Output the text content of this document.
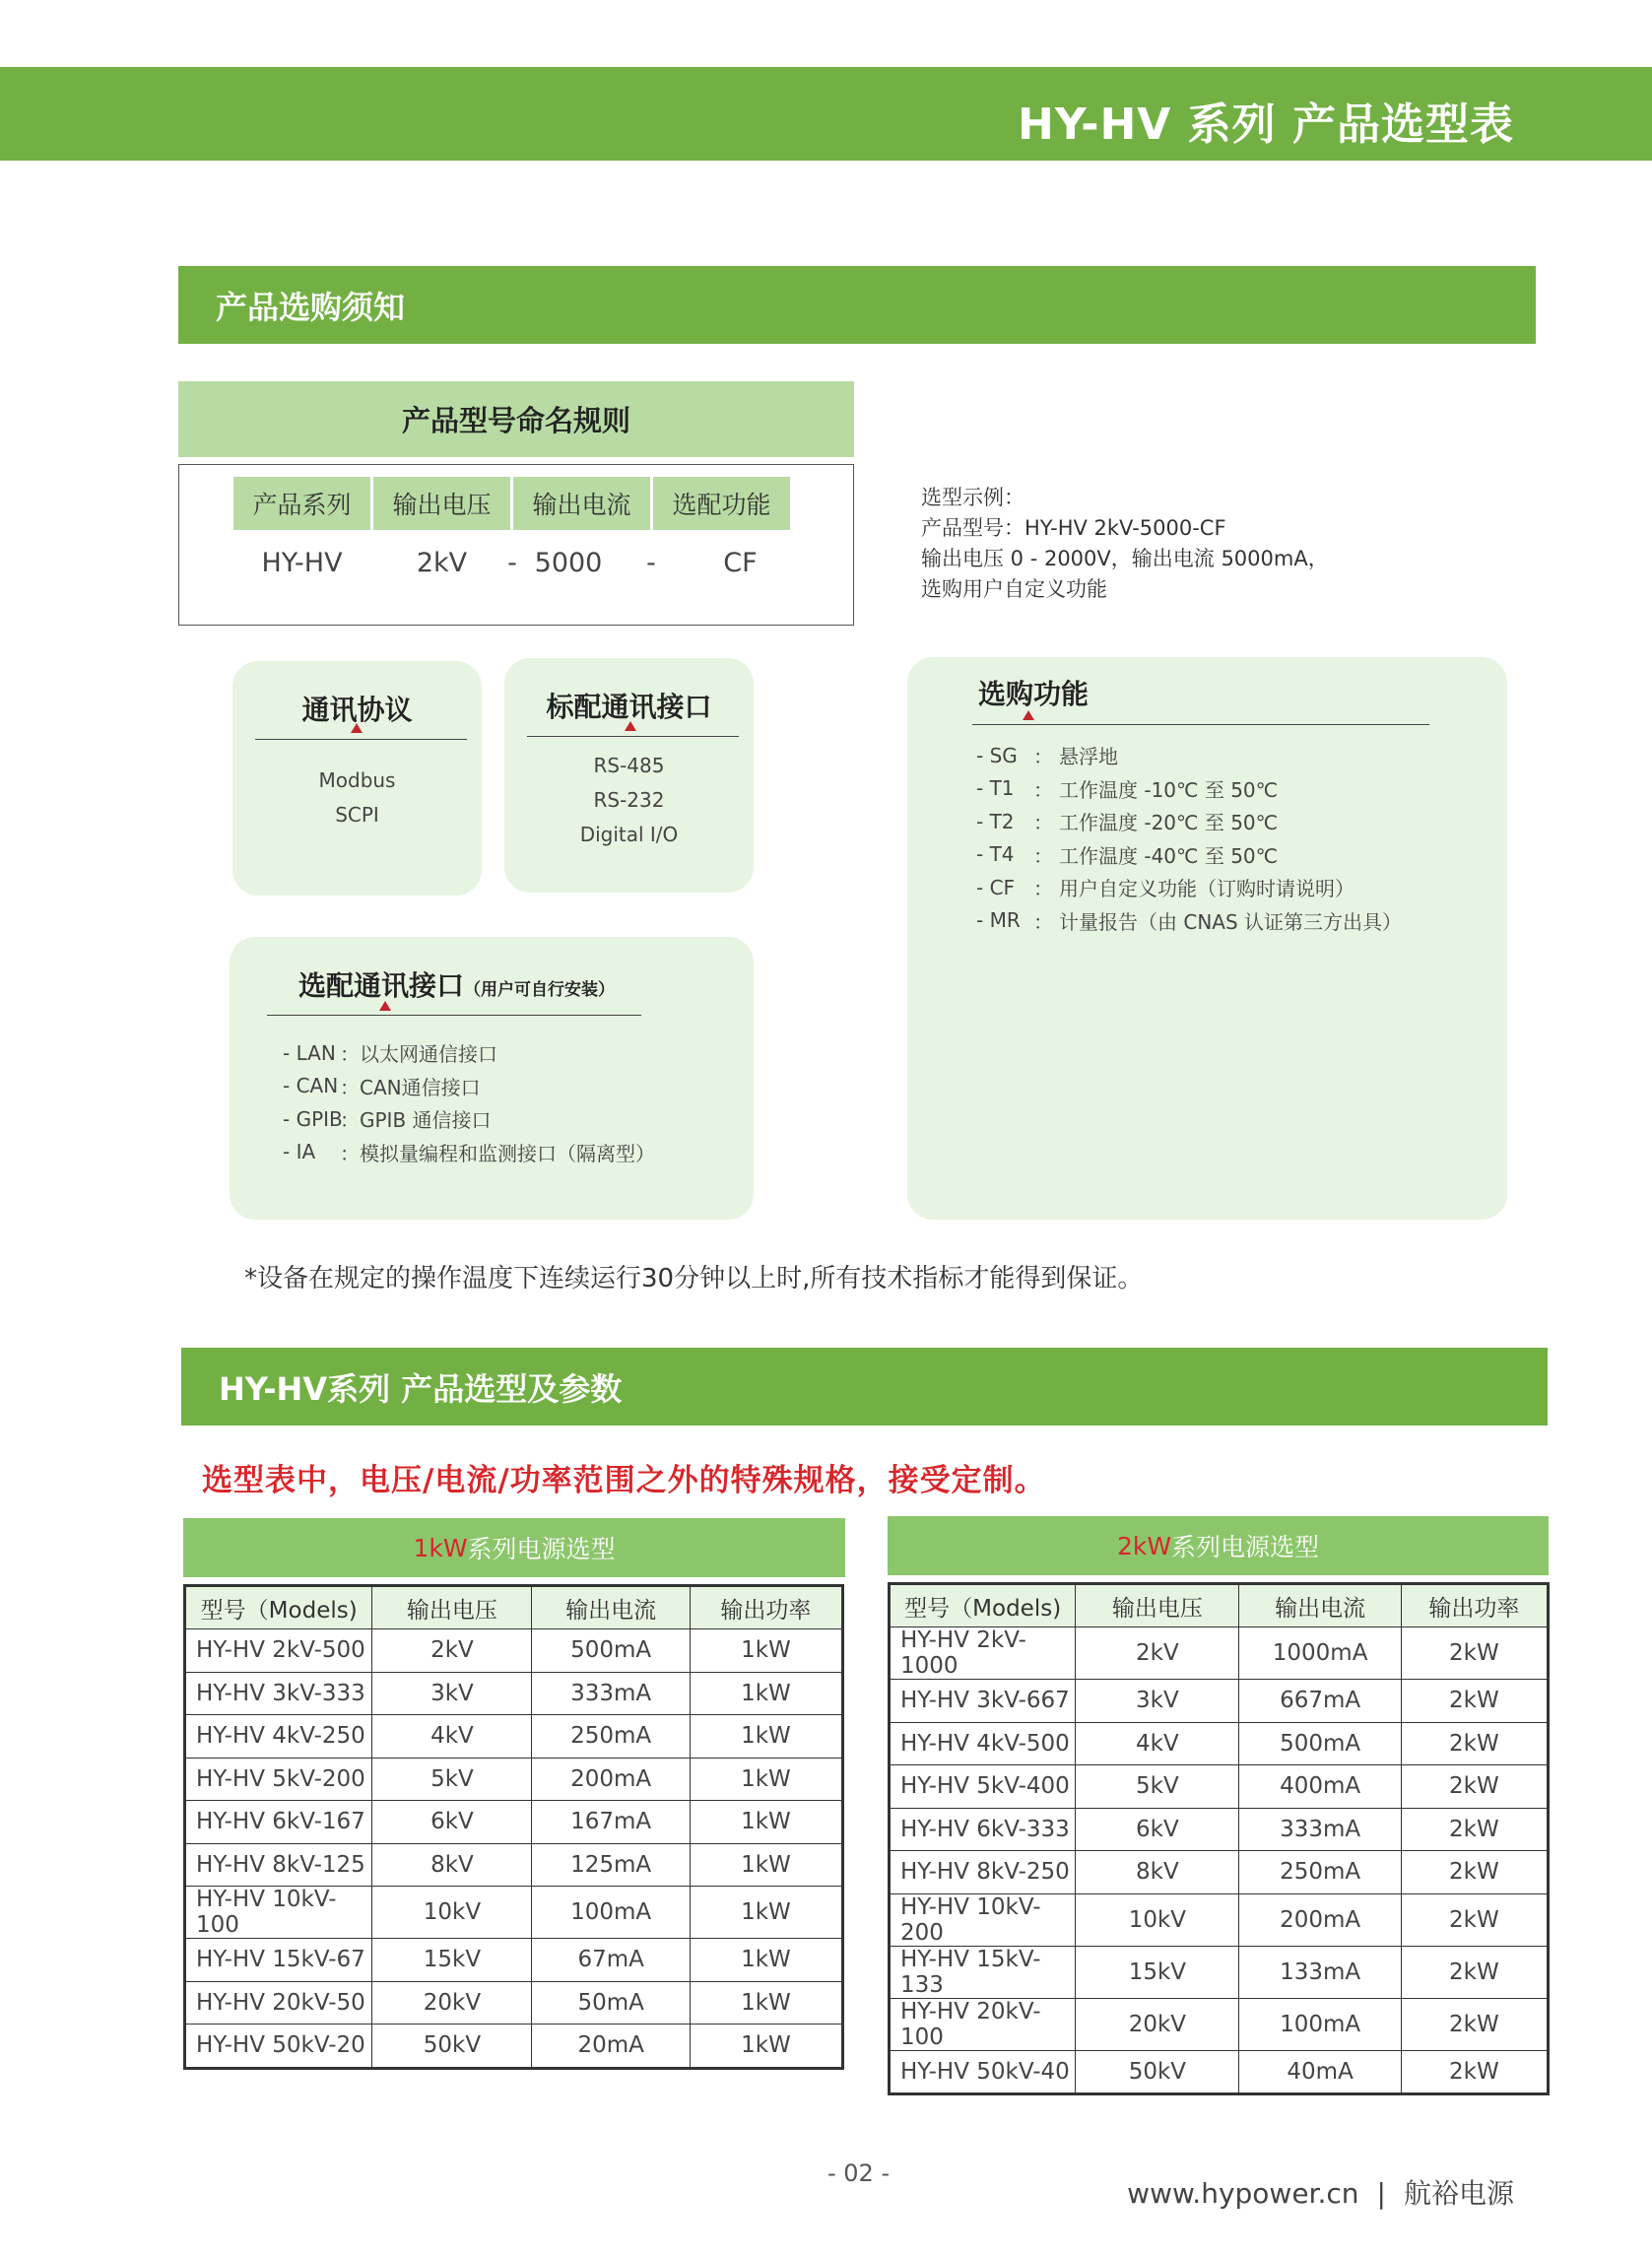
HY-HV 系列 产品选型表
产品选购须知
产品型号命名规则
产品系列	输出电压	输出电流	选配功能
HY-HV	2kV	- 5000	-	CF
选型示例：
产品型号：HY-HV 2kV-5000-CF
输出电压 0 - 2000V，输出电流 5000mA，
选购用户自定义功能
通讯协议
Modbus
SCPI
标配通讯接口
RS-485
RS-232
Digital I/O
选配通讯接口（用户可自行安装）
- LAN ： 以太网通信接口
- CAN ： CAN通信接口
- GPIB
： GPIB 通信接口
- IA	： 模拟量编程和监测接口（隔离型）
选购功能
- SG ： 悬浮地
- T1 ： 工作温度 -10℃ 至 50℃
- T2 ： 工作温度 -20℃ 至 50℃
- T4 ： 工作温度 -40℃ 至 50℃
- CF ： 用户自定义功能（订购时请说明）
- MR ： 计量报告（由 CNAS 认证第三方出具）
*设备在规定的操作温度下连续运行30分钟以上时,所有技术指标才能得到保证。
HY-HV系列 产品选型及参数
选型表中，电压/电流/功率范围之外的特殊规格，接受定制。
1kW 系列电源选型
型号（Models)	输出电压	输出电流	输出功率
HY-HV 2kV-500	2kV	500mA	1kW
HY-HV 3kV-333	3kV	333mA	1kW
HY-HV 4kV-250	4kV	250mA	1kW
HY-HV 5kV-200	5kV	200mA	1kW
HY-HV 6kV-167	6kV	167mA	1kW
HY-HV 8kV-125	8kV	125mA	1kW
HY-HV 10kV-100	10kV	100mA	1kW
HY-HV 15kV-67	15kV	67mA	1kW
HY-HV 20kV-50	20kV	50mA	1kW
HY-HV 50kV-20	50kV	20mA	1kW
2kW 系列电源选型
型号（Models)	输出电压	输出电流	输出功率
HY-HV 2kV-1000	2kV	1000mA	2kW
HY-HV 3kV-667	3kV	667mA	2kW
HY-HV 4kV-500	4kV	500mA	2kW
HY-HV 5kV-400	5kV	400mA	2kW
HY-HV 6kV-333	6kV	333mA	2kW
HY-HV 8kV-250	8kV	250mA	2kW
HY-HV 10kV-200	10kV	200mA	2kW
HY-HV 15kV-133	15kV	133mA	2kW
HY-HV 20kV-100	20kV	100mA	2kW
HY-HV 50kV-40	50kV	40mA	2kW
- 02 -
www.hypower.cn | 航裕电源
